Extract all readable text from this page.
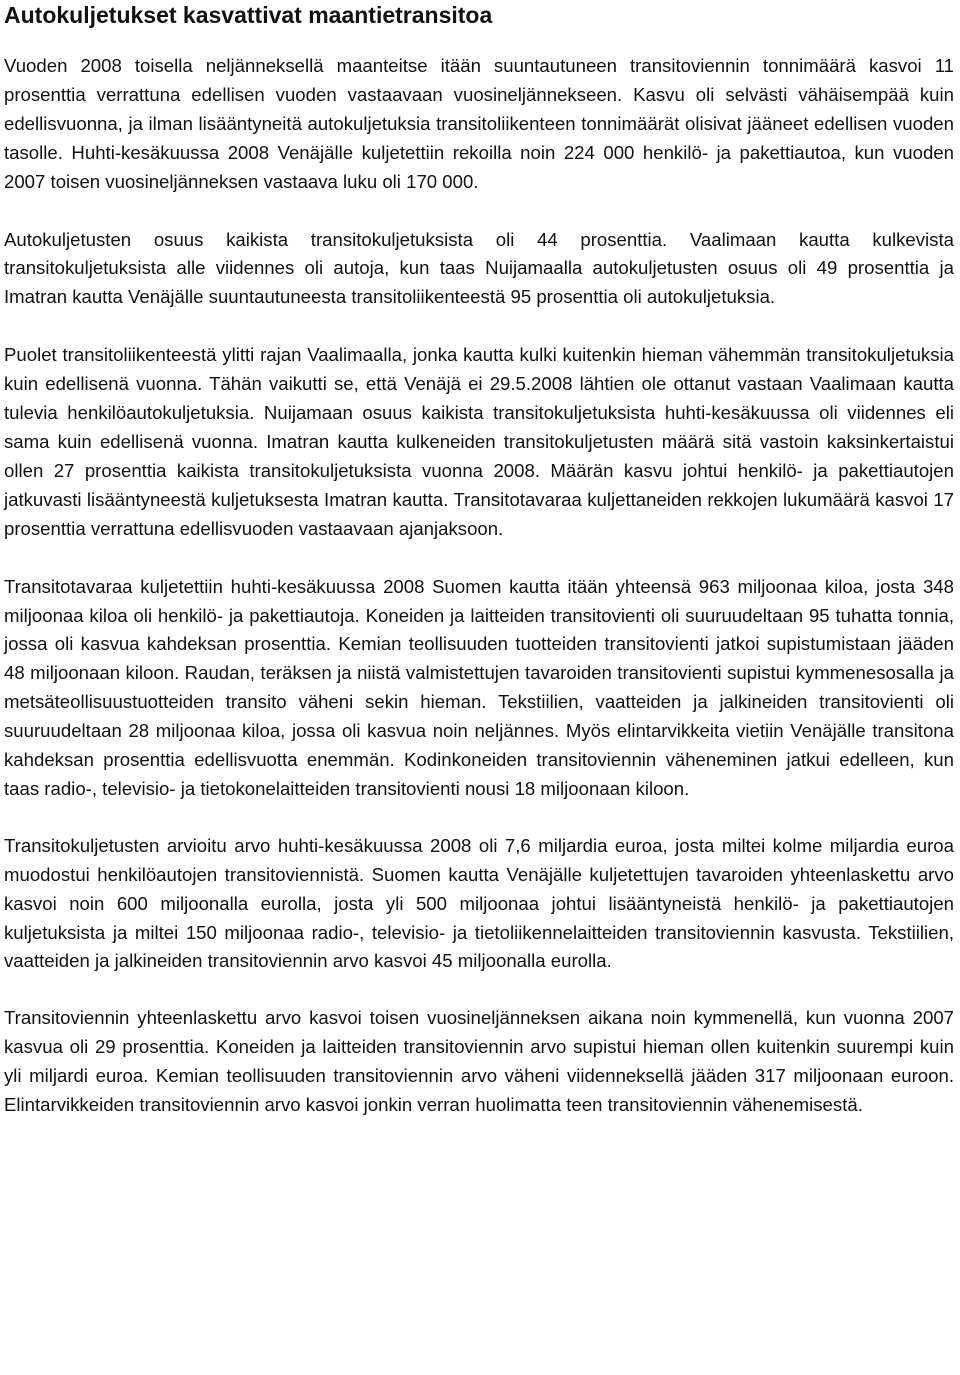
Autokuljetukset kasvattivat maantietransitoa

Vuoden 2008 toisella neljänneksellä maanteitse itään suuntautuneen transitoviennin tonnimäärä kasvoi 11 prosenttia verrattuna edellisen vuoden vastaavaan vuosineljännekseen. Kasvu oli selvästi vähäisempää kuin edellisvuonna, ja ilman lisääntyneitä autokuljetuksia transitoliikenteen tonnimäärät olisivat jääneet edellisen vuoden tasolle. Huhti-kesäkuussa 2008 Venäjälle kuljetettiin rekoilla noin 224 000 henkilö- ja pakettiautoa, kun vuoden 2007 toisen vuosineljänneksen vastaava luku oli 170 000.

Autokuljetusten osuus kaikista transitokuljetuksista oli 44 prosenttia. Vaalimaan kautta kulkevista transitokuljetuksista alle viidennes oli autoja, kun taas Nuijamaalla autokuljetusten osuus oli 49 prosenttia ja Imatran kautta Venäjälle suuntautuneesta transitoliikenteestä 95 prosenttia oli autokuljetuksia.

Puolet transitoliikenteestä ylitti rajan Vaalimaalla, jonka kautta kulki kuitenkin hieman vähemmän transitokuljetuksia kuin edellisenä vuonna. Tähän vaikutti se, että Venäjä ei 29.5.2008 lähtien ole ottanut vastaan Vaalimaan kautta tulevia henkilöautokuljetuksia. Nuijamaan osuus kaikista transitokuljetuksista huhti-kesäkuussa oli viidennes eli sama kuin edellisenä vuonna. Imatran kautta kulkeneiden transitokuljetusten määrä sitä vastoin kaksinkertaistui ollen 27 prosenttia kaikista transitokuljetuksista vuonna 2008. Määrän kasvu johtui henkilö- ja pakettiautojen jatkuvasti lisääntyneestä kuljetuksesta Imatran kautta. Transitotavaraa kuljettaneiden rekkojen lukumäärä kasvoi 17 prosenttia verrattuna edellisvuoden vastaavaan ajanjaksoon.

Transitotavaraa kuljetettiin huhti-kesäkuussa 2008 Suomen kautta itään yhteensä 963 miljoonaa kiloa, josta 348 miljoonaa kiloa oli henkilö- ja pakettiautoja. Koneiden ja laitteiden transitovienti oli suuruudeltaan 95 tuhatta tonnia, jossa oli kasvua kahdeksan prosenttia. Kemian teollisuuden tuotteiden transitovienti jatkoi supistumistaan jääden 48 miljoonaan kiloon. Raudan, teräksen ja niistä valmistettujen tavaroiden transitovienti supistui kymmenesosalla ja metsäteollisuustuotteiden transito väheni sekin hieman. Tekstiilien, vaatteiden ja jalkineiden transitovienti oli suuruudeltaan 28 miljoonaa kiloa, jossa oli kasvua noin neljännes. Myös elintarvikkeita vietiin Venäjälle transitona kahdeksan prosenttia edellisvuotta enemmän. Kodinkoneiden transitoviennin väheneminen jatkui edelleen, kun taas radio-, televisio- ja tietokonelaitteiden transitovienti nousi 18 miljoonaan kiloon.

Transitokuljetusten arvioitu arvo huhti-kesäkuussa 2008 oli 7,6 miljardia euroa, josta miltei kolme miljardia euroa muodostui henkilöautojen transitoviennistä. Suomen kautta Venäjälle kuljetettujen tavaroiden yhteenlaskettu arvo kasvoi noin 600 miljoonalla eurolla, josta yli 500 miljoonaa johtui lisääntyneistä henkilö- ja pakettiautojen kuljetuksista ja miltei 150 miljoonaa radio-, televisio- ja tietoliikennelaitteiden transitoviennin kasvusta. Tekstiilien, vaatteiden ja jalkineiden transitoviennin arvo kasvoi 45 miljoonalla eurolla.

Transitoviennin yhteenlaskettu arvo kasvoi toisen vuosineljänneksen aikana noin kymmenellä, kun vuonna 2007 kasvua oli 29 prosenttia. Koneiden ja laitteiden transitoviennin arvo supistui hieman ollen kuitenkin suurempi kuin yli miljardi euroa. Kemian teollisuuden transitoviennin arvo väheni viidenneksellä jääden 317 miljoonaan euroon. Elintarvikkeiden transitoviennin arvo kasvoi jonkin verran huolimatta teen transitoviennin vähenemisestä.
